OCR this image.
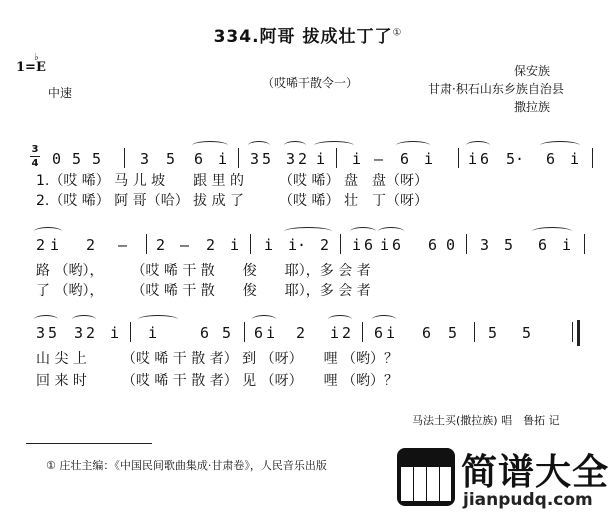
334.阿哥 拔成壮丁了①
1=E
♭
中速
（哎唏干散令一）
保安族
甘肃·积石山东乡族自治县
撒拉族
3
4 0 5 5	3 5 6 i 3 5 3 2 i i – 6 i i 6 5· 6 i
1.（哎 唏） 马 儿 坡　　跟 里 的　　　（哎 唏） 盘　盘（呀）
2.（哎 唏） 阿 哥（哈） 拔 成 了　　　（哎 唏） 壮　丁（呀）
2 i 2 – 2 – 2 i i i· 2 i 6 i 6 6 0 3 5 6 i
路 （哟），　　　（哎 唏 干 散　　俊　　耶），多 会 者
了 （哟），　　　（哎 唏 干 散　　俊　　耶），多 会 者
3 5 3 2 i i	6 5 6 i 2 i 2 6 i 6 5 5 5
山 尖 上　　　（哎 唏 干 散 者） 到 （呀）　　哩 （哟）？
回 来 时　　　（哎 唏 干 散 者） 见 （呀）　　哩 （哟）？
马法土买(撒拉族) 唱　鲁拓 记
① 庄壮主编：《中国民间歌曲集成·甘肃卷》，人民音乐出版	简谱大全
jianpudq.com
